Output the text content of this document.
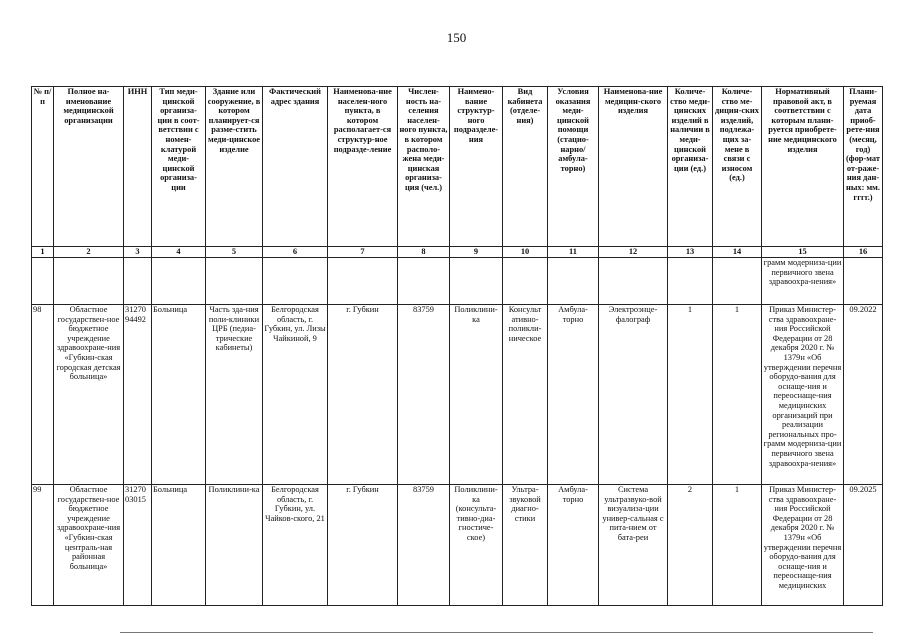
150
№ п/п	Полное на-именование медицинской организации	ИНН	Тип меди-цинской организа-ции в соот-ветствии с номен-клатурой меди-цинской организа-ции	Здание или сооружение, в котором планирует-ся разме-стить меди-цинское изделие	Фактический адрес здания	Наименова-ние населен-ного пункта, в котором располагает-ся структур-ное подразде-ление	Числен-ность на-селения населен-ного пункта, в котором располо-жена меди-цинская организа-ция (чел.)	Наимено-вание структур-ного подразделе-ния	Вид кабинета (отделе-ния)	Условия оказания меди-цинской помощи (стацио-нарно/ амбула-торно)	Наименова-ние медицин-ского изделия	Количе-ство меди-цинских изделий в наличии в меди-цинской организа-ции (ед.)	Количе-ство ме-дицин-ских изделий, подлежа-щих за-мене в связи с износом (ед.)	Нормативный правовой акт, в соответствии с которым плани-руется приобрете-ние медицинского изделия	Плани-руемая дата приоб-рете-ния (месяц, год) (фор-мат от-раже-ния дан-ных: мм. гггг.)
1	2	3	4	5	6	7	8	9	10	11	12	13	14	15	16
														грамм модерниза-ции первичного звена здравоохра-нения»	
98	Областное государствен-ное бюджетное учреждение здравоохране-ния «Губкин-ская городская детская больница»	31270 94492	Больница	Часть зда-ния поли-клиники ЦРБ (педиа-трические кабинеты)	Белгородская область, г. Губкин, ул. Лизы Чайкиной, 9	г. Губкин	83759	Поликлини-ка	Консульт ативно-поликли-ническое	Амбула-торно	Электроэнце-фалограф	1	1	Приказ Министер-ства здравоохране-ния Российской Федерации от 28 декабря 2020 г. № 1379н «Об утверждении перечня оборудо-вания для оснаще-ния и переоснаще-ния медицинских организаций при реализации региональных про-грамм модерниза-ции первичного звена здравоохра-нения»	09.2022
99	Областное государствен-ное бюджетное учреждение здравоохране-ния «Губкин-ская централь-ная районная больница»	31270 03015	Больница	Поликлини-ка	Белгородская область, г. Губкин, ул. Чайков-ского, 21	г. Губкин	83759	Поликлини-ка (консульта-тивно-диа-гностиче-ское)	Ультра-звуковой диагно-стики	Амбула-торно	Система ультразвуко-вой визуализа-ции универ-сальная с пита-нием от бата-реи	2	1	Приказ Министер-ства здравоохране-ния Российской Федерации от 28 декабря 2020 г. № 1379н «Об утверждении перечня оборудо-вания для оснаще-ния и переоснаще-ния медицинских	09.2025
